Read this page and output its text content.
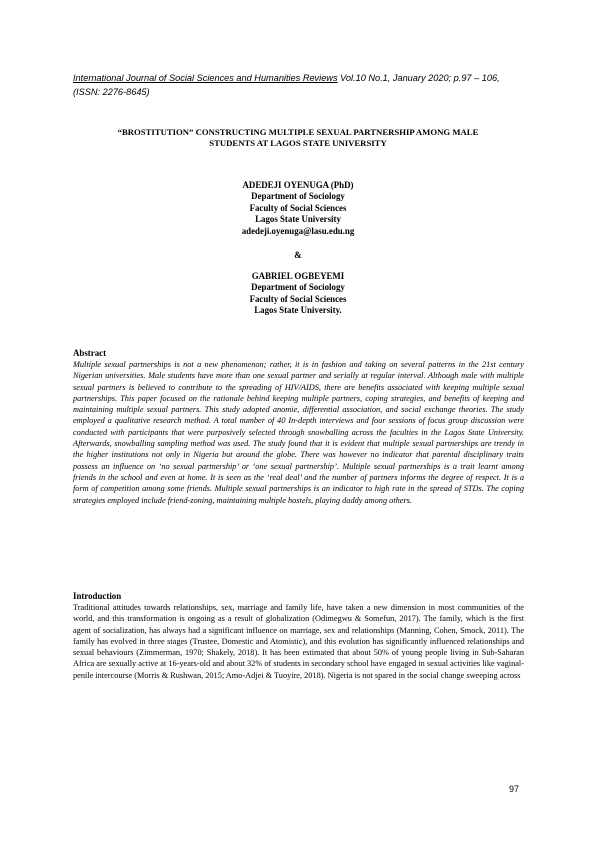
International Journal of Social Sciences and Humanities Reviews Vol.10 No.1, January 2020; p.97 – 106,
(ISSN: 2276-8645)
“BROSTITUTION” CONSTRUCTING MULTIPLE SEXUAL PARTNERSHIP AMONG MALE
STUDENTS AT LAGOS STATE UNIVERSITY
ADEDEJI OYENUGA (PhD)
Department of Sociology
Faculty of Social Sciences
Lagos State University
adedeji.oyenuga@lasu.edu.ng
&
GABRIEL OGBEYEMI
Department of Sociology
Faculty of Social Sciences
Lagos State University.
Abstract
Multiple sexual partnerships is not a new phenomenon; rather, it is in fashion and taking on several patterns in the 21st century Nigerian universities. Male students have more than one sexual partner and serially at regular interval. Although male with multiple sexual partners is believed to contribute to the spreading of HIV/AIDS, there are benefits associated with keeping multiple sexual partnerships. This paper focused on the rationale behind keeping multiple partners, coping strategies, and benefits of keeping and maintaining multiple sexual partners. This study adopted anomie, differential association, and social exchange theories. The study employed a qualitative research method. A total number of 40 In-depth interviews and four sessions of focus group discussion were conducted with participants that were purposively selected through snowballing across the faculties in the Lagos State University. Afterwards, snowballing sampling method was used. The study found that it is evident that multiple sexual partnerships are trendy in the higher institutions not only in Nigeria but around the globe. There was however no indicator that parental disciplinary traits possess an influence on ‘no sexual partnership’ or ‘one sexual partnership’. Multiple sexual partnerships is a trait learnt among friends in the school and even at home. It is seen as the ‘real deal’ and the number of partners informs the degree of respect. It is a form of competition among some friends. Multiple sexual partnerships is an indicator to high rate in the spread of STDs. The coping strategies employed include friend-zoning, maintaining multiple hostels, playing daddy among others.
Introduction
Traditional attitudes towards relationships, sex, marriage and family life, have taken a new dimension in most communities of the world, and this transformation is ongoing as a result of globalization (Odimegwu & Somefun, 2017). The family, which is the first agent of socialization, has always had a significant influence on marriage, sex and relationships (Manning, Cohen, Smock, 2011). The family has evolved in three stages (Trustee, Domestic and Atomistic), and this evolution has significantly influenced relationships and sexual behaviours (Zimmerman, 1970; Shakely, 2018). It has been estimated that about 50% of young people living in Sub-Saharan Africa are sexually active at 16-years-old and about 32% of students in secondary school have engaged in sexual activities like vaginal-penile intercourse (Morris & Rushwan, 2015; Amo-Adjei & Tuoyire, 2018). Nigeria is not spared in the social change sweeping across
97
